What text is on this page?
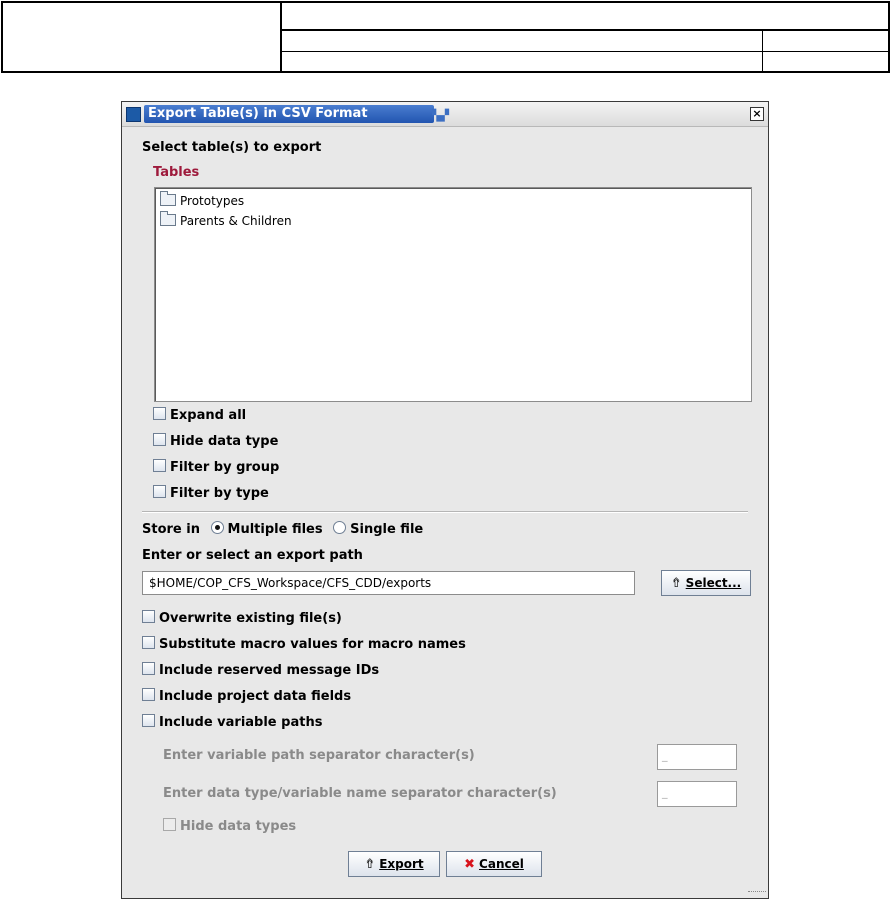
Export Table(s) in CSV Format	▚▞	×
Select table(s) to export
Tables
Prototypes
Parents & Children
Expand all
Hide data type
Filter by group
Filter by type
Store in Multiple files Single file
Enter or select an export path
$HOME/COP_CFS_Workspace/CFS_CDD/exports
⇮ Select...
Overwrite existing file(s)
Substitute macro values for macro names
Include reserved message IDs
Include project data fields
Include variable paths
Enter variable path separator character(s)
_
Enter data type/variable name separator character(s)
_
Hide data types
⇮ Export	✖ Cancel
